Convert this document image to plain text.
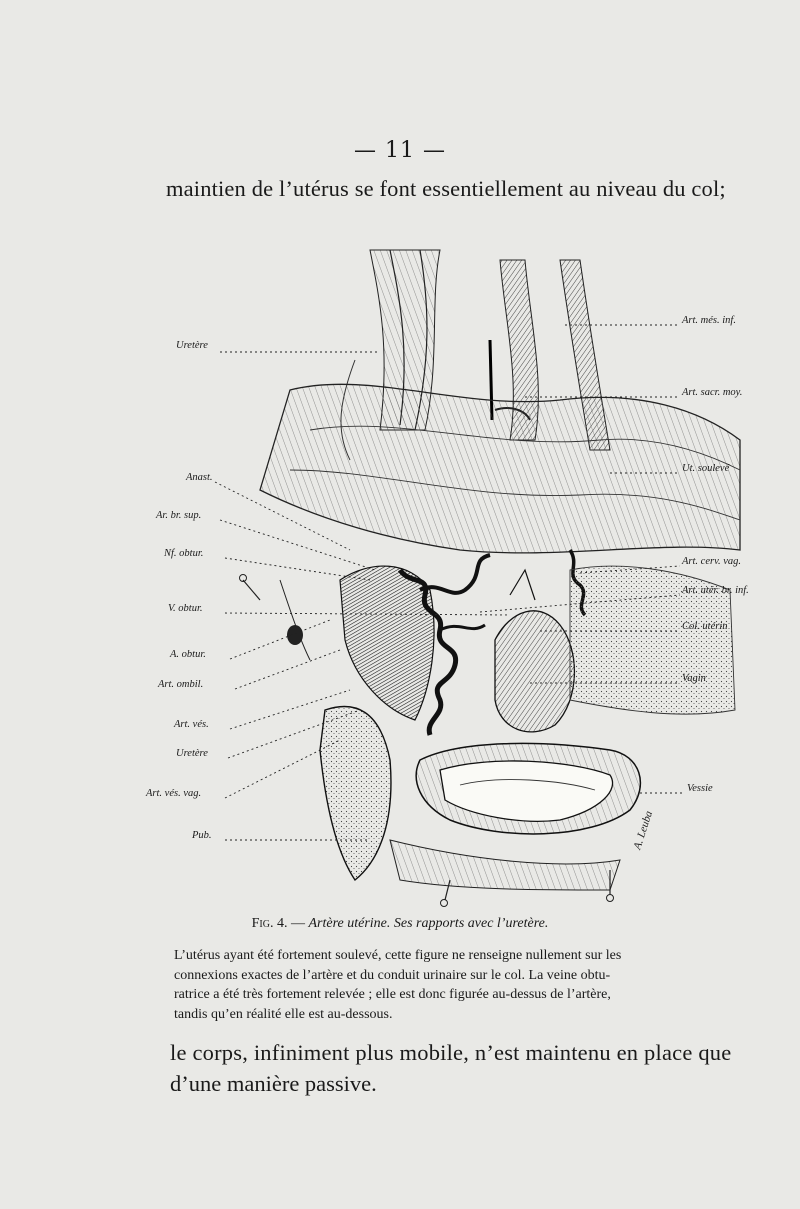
— 11 —
maintien de l’utérus se font essentiellement au niveau du col;
A. Leuba
Uretère
Anast.
Ar. br. sup.
Nf. obtur.
V. obtur.
A. obtur.
Art. ombil.
Art. vés.
Uretère
Art. vés. vag.
Pub.
Art. més. inf.
Art. sacr. moy.
Ut. soulevé
Art. cerv. vag.
Art. utér. br. inf.
Col. utérin
Vagin
Vessie
Fig. 4. — Artère utérine. Ses rapports avec l’uretère.
L’utérus ayant été fortement soulevé, cette figure ne renseigne nullement sur les
connexions exactes de l’artère et du conduit urinaire sur le col. La veine obtu-
ratrice a été très fortement relevée ; elle est donc figurée au-dessus de l’artère,
tandis qu’en réalité elle est au-dessous.
le corps, infiniment plus mobile, n’est maintenu en place que
d’une manière passive.
